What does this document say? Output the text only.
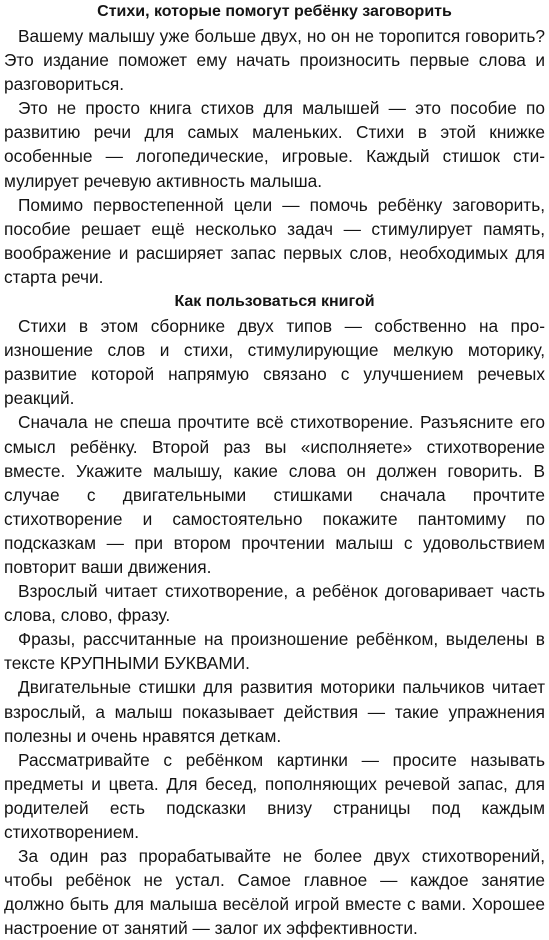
Стихи, которые помогут ребёнку заговорить

Вашему малышу уже больше двух, но он не торопится говорить? Это издание поможет ему начать произносить первые слова и разговориться.

Это не просто книга стихов для малышей — это пособие по развитию речи для самых маленьких. Стихи в этой книжке особенные — логопедические, игровые. Каждый стишок стимулирует речевую активность малыша.

Помимо первостепенной цели — помочь ребёнку заговорить, пособие решает ещё несколько задач — стимулирует память, воображение и расширяет запас первых слов, необходимых для старта речи.

Как пользоваться книгой

Стихи в этом сборнике двух типов — собственно на произношение слов и стихи, стимулирующие мелкую моторику, развитие которой напрямую связано с улучшением речевых реакций.

Сначала не спеша прочтите всё стихотворение. Разъясните его смысл ребёнку. Второй раз вы «исполняете» стихотворение вместе. Укажите малышу, какие слова он должен говорить. В случае с двигательными стишками сначала прочтите стихотворение и самостоятельно покажите пантомиму по подсказкам — при втором прочтении малыш с удовольствием повторит ваши движения.

Взрослый читает стихотворение, а ребёнок договаривает часть слова, слово, фразу.

Фразы, рассчитанные на произношение ребёнком, выделены в тексте КРУПНЫМИ БУКВАМИ.

Двигательные стишки для развития моторики пальчиков читает взрослый, а малыш показывает действия — такие упражнения полезны и очень нравятся деткам.

Рассматривайте с ребёнком картинки — просите называть предметы и цвета. Для бесед, пополняющих речевой запас, для родителей есть подсказки внизу страницы под каждым стихотворением.

За один раз прорабатывайте не более двух стихотворений, чтобы ребёнок не устал. Самое главное — каждое занятие должно быть для малыша весёлой игрой вместе с вами. Хорошее настроение от занятий — залог их эффективности.
